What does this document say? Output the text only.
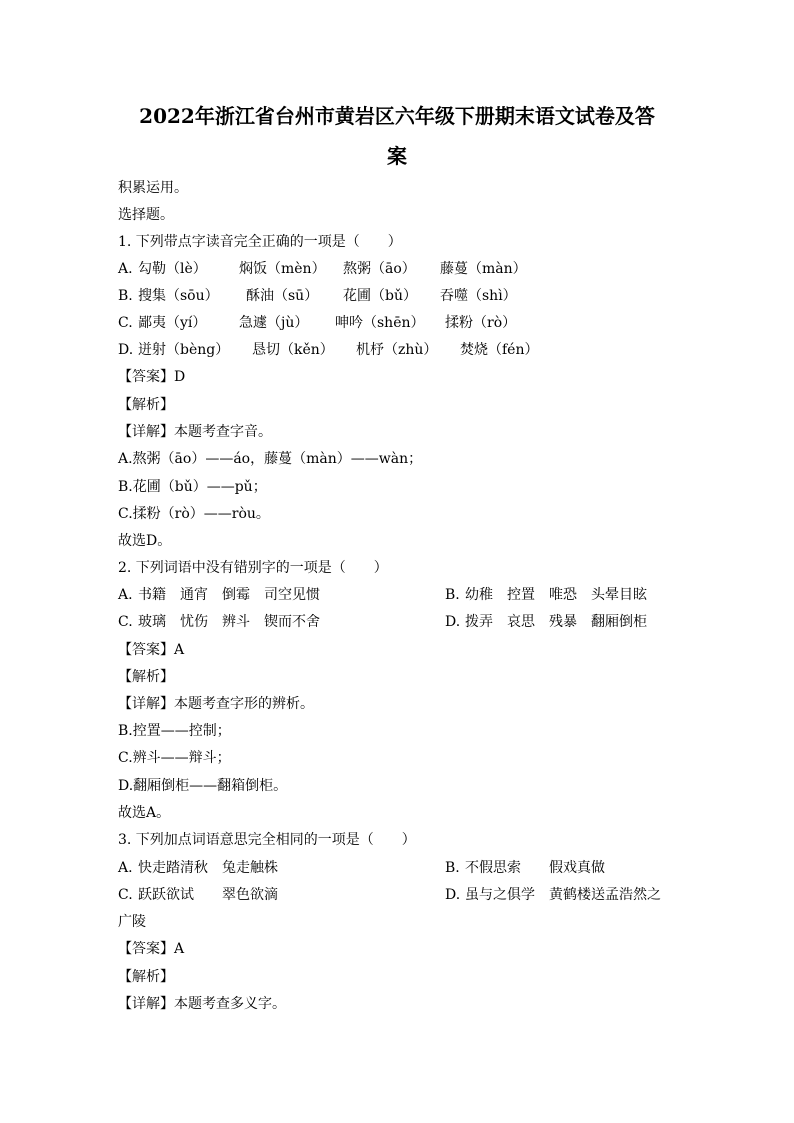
2022年浙江省台州市黄岩区六年级下册期末语文试卷及答
案
积累运用。
选择题。
1. 下列带点字读音完全正确的一项是（　　）
A. 勾勒（lè） 焖饭（mèn） 熬粥（āo） 藤蔓（màn）
B. 搜集（sōu） 酥油（sū） 花圃（bǔ） 吞噬（shì）
C. 鄙夷（yí） 急遽（jù） 呻吟（shēn） 揉粉（rò）
D. 迸射（bèng） 恳切（kěn） 机杼（zhù） 焚烧（fén）
【答案】D
【解析】
【详解】本题考查字音。
A.熬粥（āo）——áo，藤蔓（màn）——wàn；
B.花圃（bǔ）——pǔ；
C.揉粉（rò）——ròu。
故选D。
2. 下列词语中没有错别字的一项是（　　）
A. 书籍　通宵　倒霉　司空见惯	B. 幼稚　控置　唯恐　头晕目眩
C. 玻璃　忧伤　辨斗　锲而不舍	D. 拨弄　哀思　残暴　翻厢倒柜
【答案】A
【解析】
【详解】本题考查字形的辨析。
B.控置——控制；
C.辨斗——辩斗；
D.翻厢倒柜——翻箱倒柜。
故选A。
3. 下列加点词语意思完全相同的一项是（　　）
A. 快走踏清秋　兔走触株	B. 不假思索　　假戏真做
C. 跃跃欲试　　翠色欲滴	D. 虽与之俱学　黄鹤楼送孟浩然之
广陵
【答案】A
【解析】
【详解】本题考查多义字。
